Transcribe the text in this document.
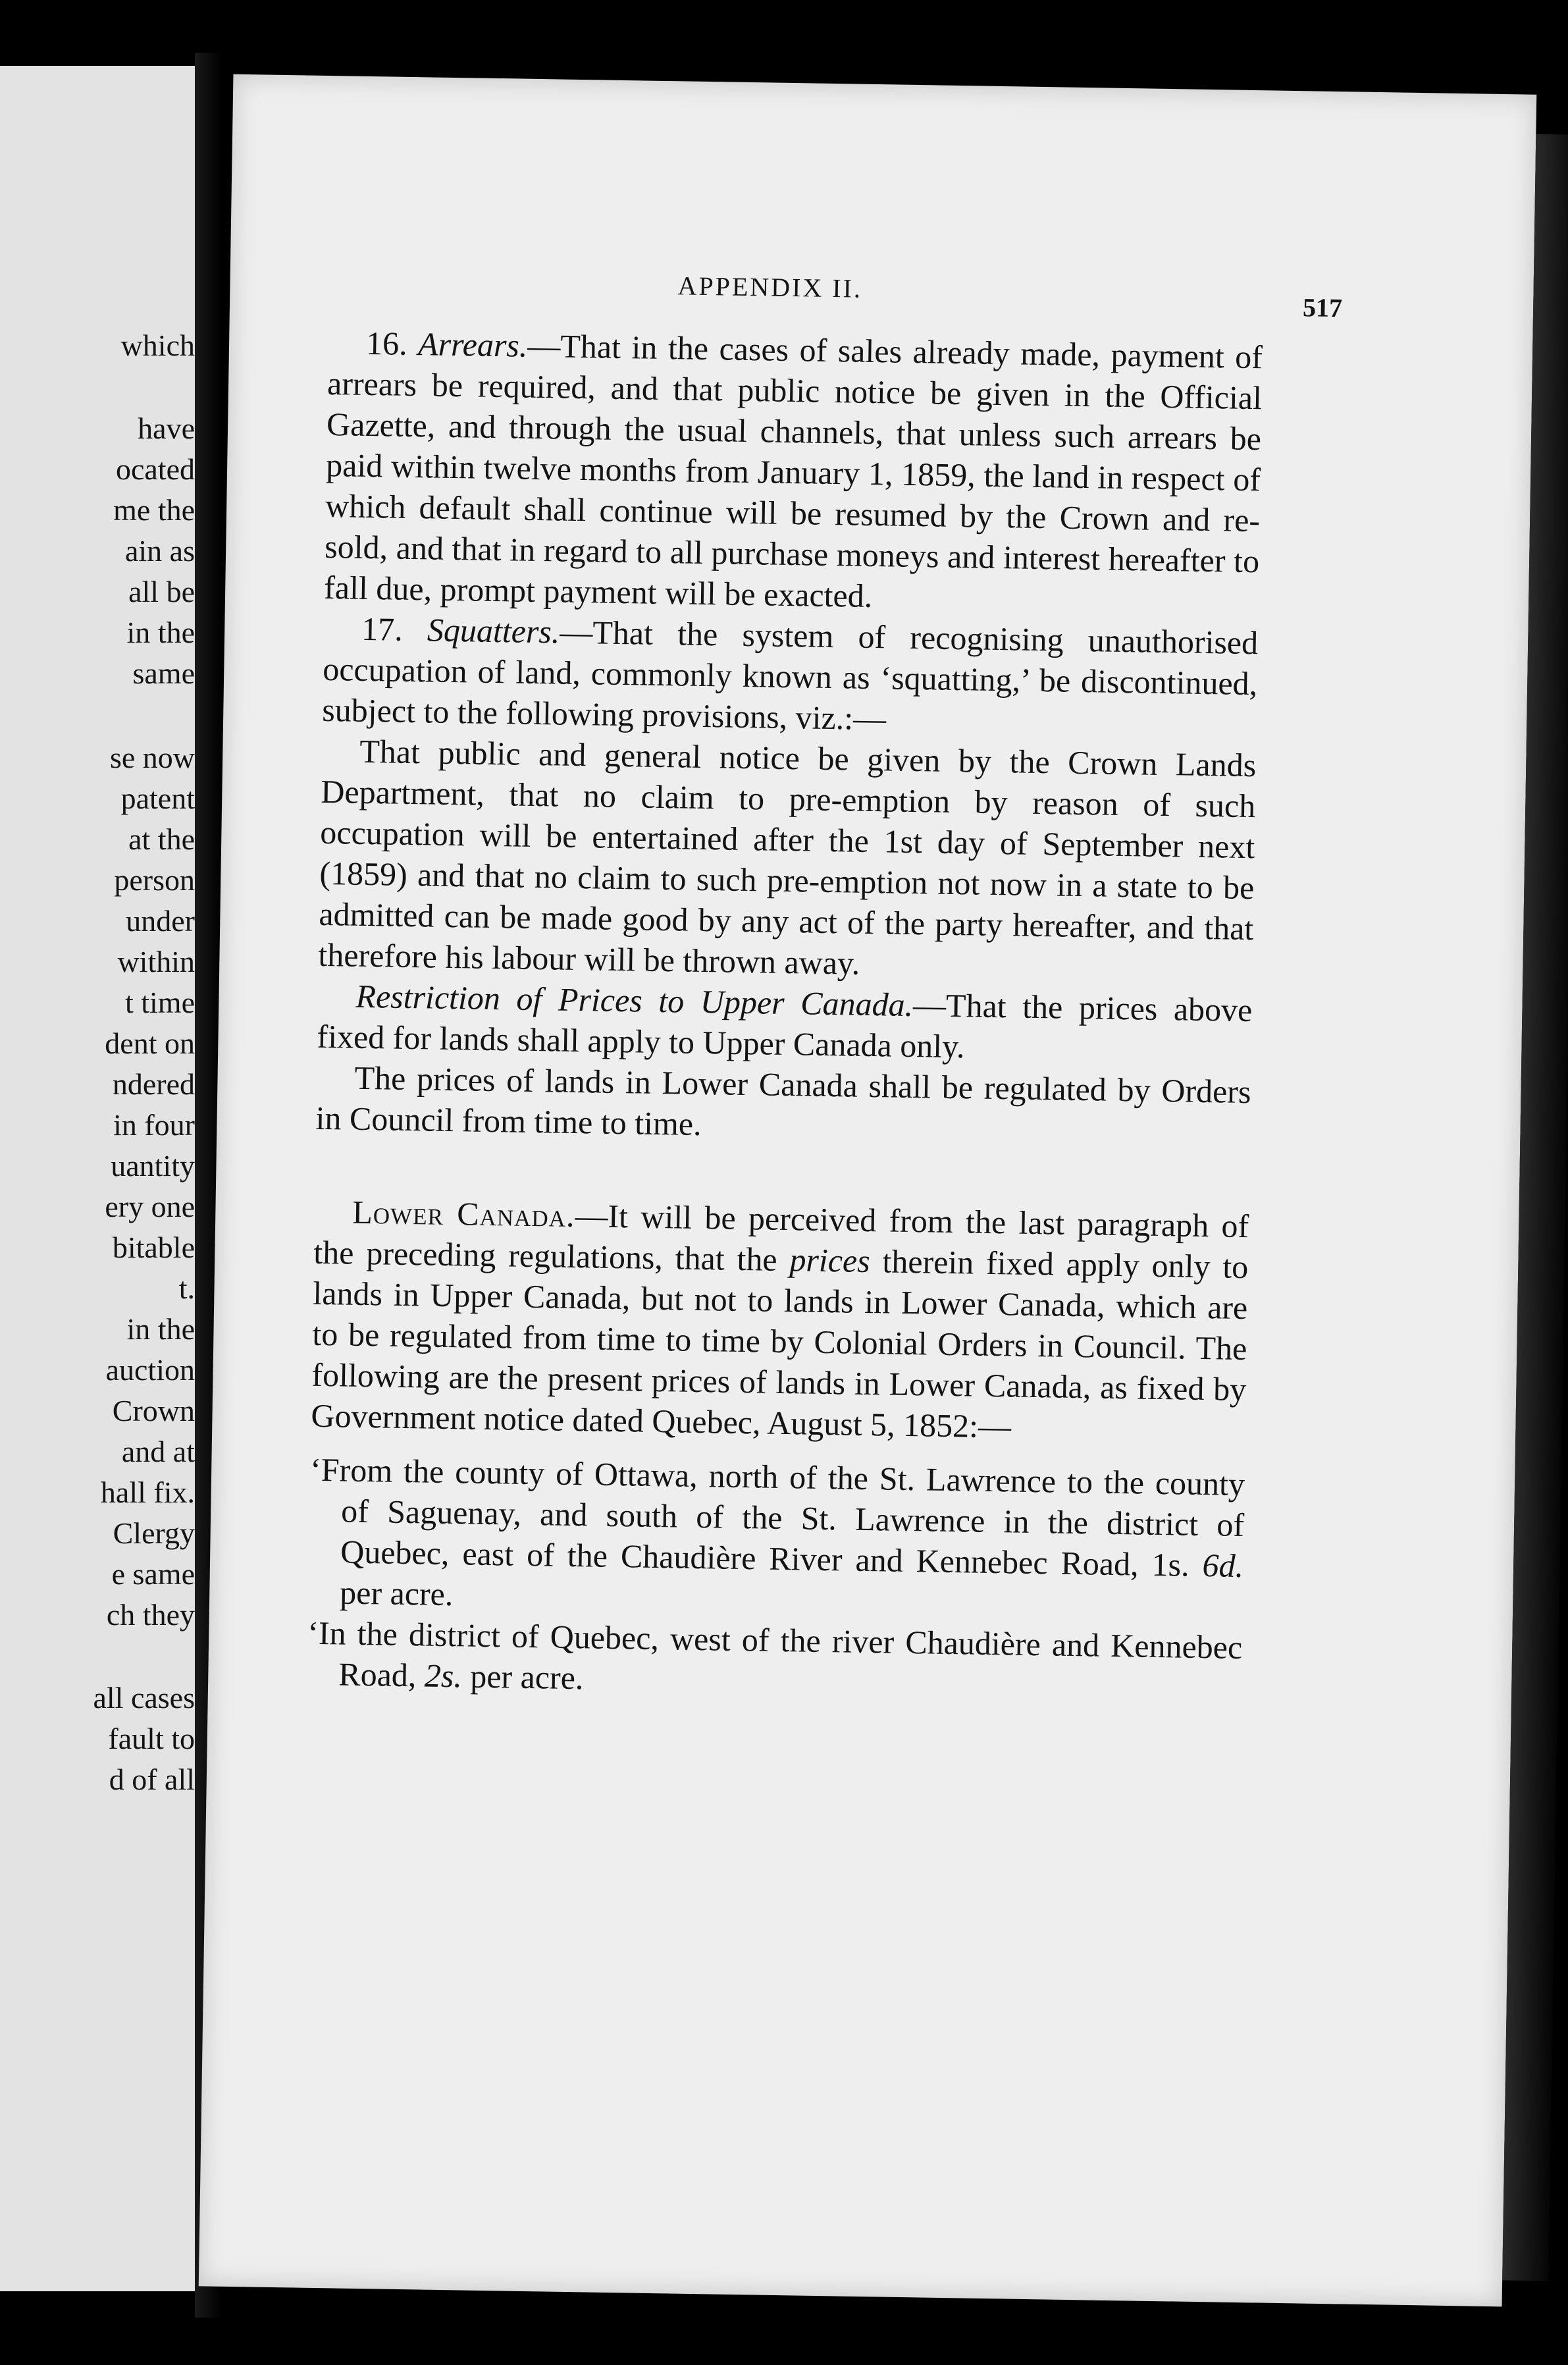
which
have
ocated
me the
ain as
all be
in the
same
se now
patent
at the
person
under
within
t time
dent on
ndered
in four
uantity
ery one
bitable
t.
in the
auction
Crown
and at
hall fix.
Clergy
e same
ch they
all cases
fault to
d of all
APPENDIX II.
517

16. Arrears.—That in the cases of sales already made, payment of arrears be required, and that public notice be given in the Official Gazette, and through the usual channels, that unless such arrears be paid within twelve months from January 1, 1859, the land in respect of which default shall continue will be resumed by the Crown and re-sold, and that in regard to all purchase moneys and interest hereafter to fall due, prompt payment will be exacted.

17. Squatters.—That the system of recognising unauthorised occupation of land, commonly known as ‘squatting,’ be discontinued, subject to the following provisions, viz.:—

That public and general notice be given by the Crown Lands Department, that no claim to pre-emption by reason of such occupation will be entertained after the 1st day of September next (1859) and that no claim to such pre-emption not now in a state to be admitted can be made good by any act of the party hereafter, and that therefore his labour will be thrown away.

Restriction of Prices to Upper Canada.—That the prices above fixed for lands shall apply to Upper Canada only.

The prices of lands in Lower Canada shall be regulated by Orders in Council from time to time.

Lower Canada.—It will be perceived from the last paragraph of the preceding regulations, that the prices therein fixed apply only to lands in Upper Canada, but not to lands in Lower Canada, which are to be regulated from time to time by Colonial Orders in Council. The following are the present prices of lands in Lower Canada, as fixed by Government notice dated Quebec, August 5, 1852:—

‘From the county of Ottawa, north of the St. Lawrence to the county of Saguenay, and south of the St. Lawrence in the district of Quebec, east of the Chaudière River and Kennebec Road, 1s. 6d. per acre.

‘In the district of Quebec, west of the river Chaudière and Kennebec Road, 2s. per acre.
